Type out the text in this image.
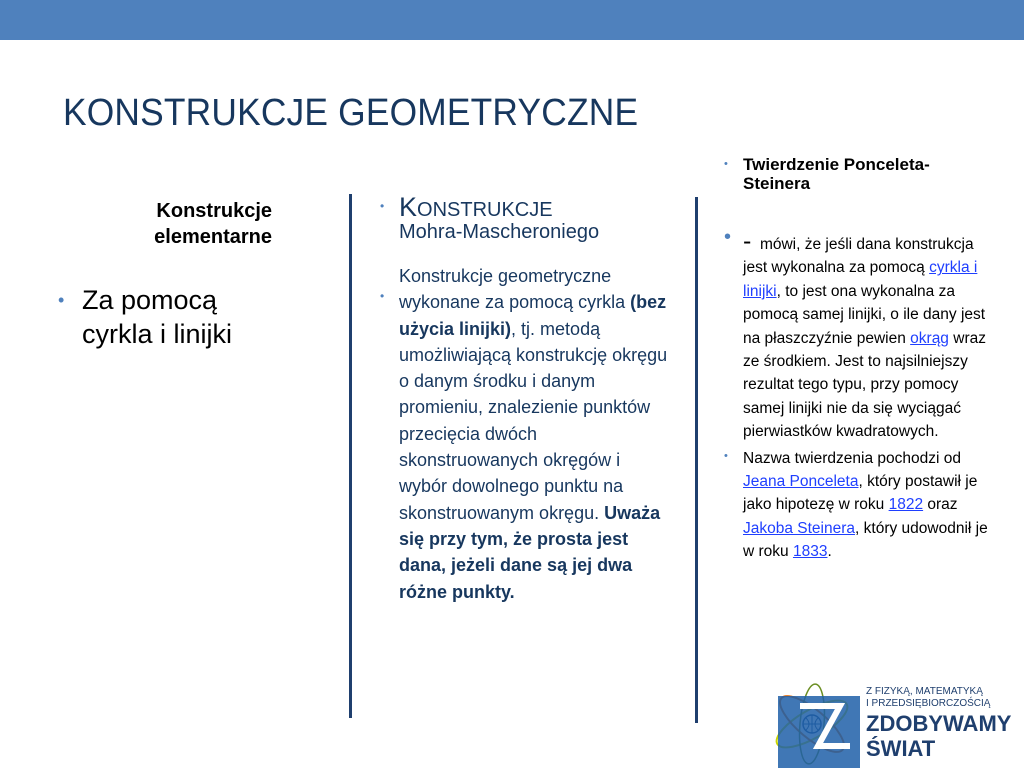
KONSTRUKCJE GEOMETRYCZNE
Konstrukcje elementarne
• Za pomocą cyrkla i linijki
• KONSTRUKCJE
Mohra-Mascheroniego
•
Konstrukcje geometryczne wykonane za pomocą cyrkla (bez użycia linijki), tj. metodą umożliwiającą konstrukcję okręgu o danym środku i danym promieniu, znalezienie punktów przecięcia dwóch skonstruowanych okręgów i wybór dowolnego punktu na skonstruowanym okręgu. Uważa się przy tym, że prosta jest dana, jeżeli dane są jej dwa różne punkty.
• Twierdzenie Ponceleta-Steinera
• - mówi, że jeśli dana konstrukcja jest wykonalna za pomocą cyrkla i linijki, to jest ona wykonalna za pomocą samej linijki, o ile dany jest na płaszczyźnie pewien okrąg wraz ze środkiem. Jest to najsilniejszy rezultat tego typu, przy pomocy samej linijki nie da się wyciągać pierwiastków kwadratowych.
• Nazwa twierdzenia pochodzi od Jeana Ponceleta, który postawił je jako hipotezę w roku 1822 oraz Jakoba Steinera, który udowodnił je w roku 1833.
Z FIZYKĄ, MATEMATYKĄ
I PRZEDSIĘBIORCZOŚCIĄ
ZDOBYWAMY
ŚWIAT
